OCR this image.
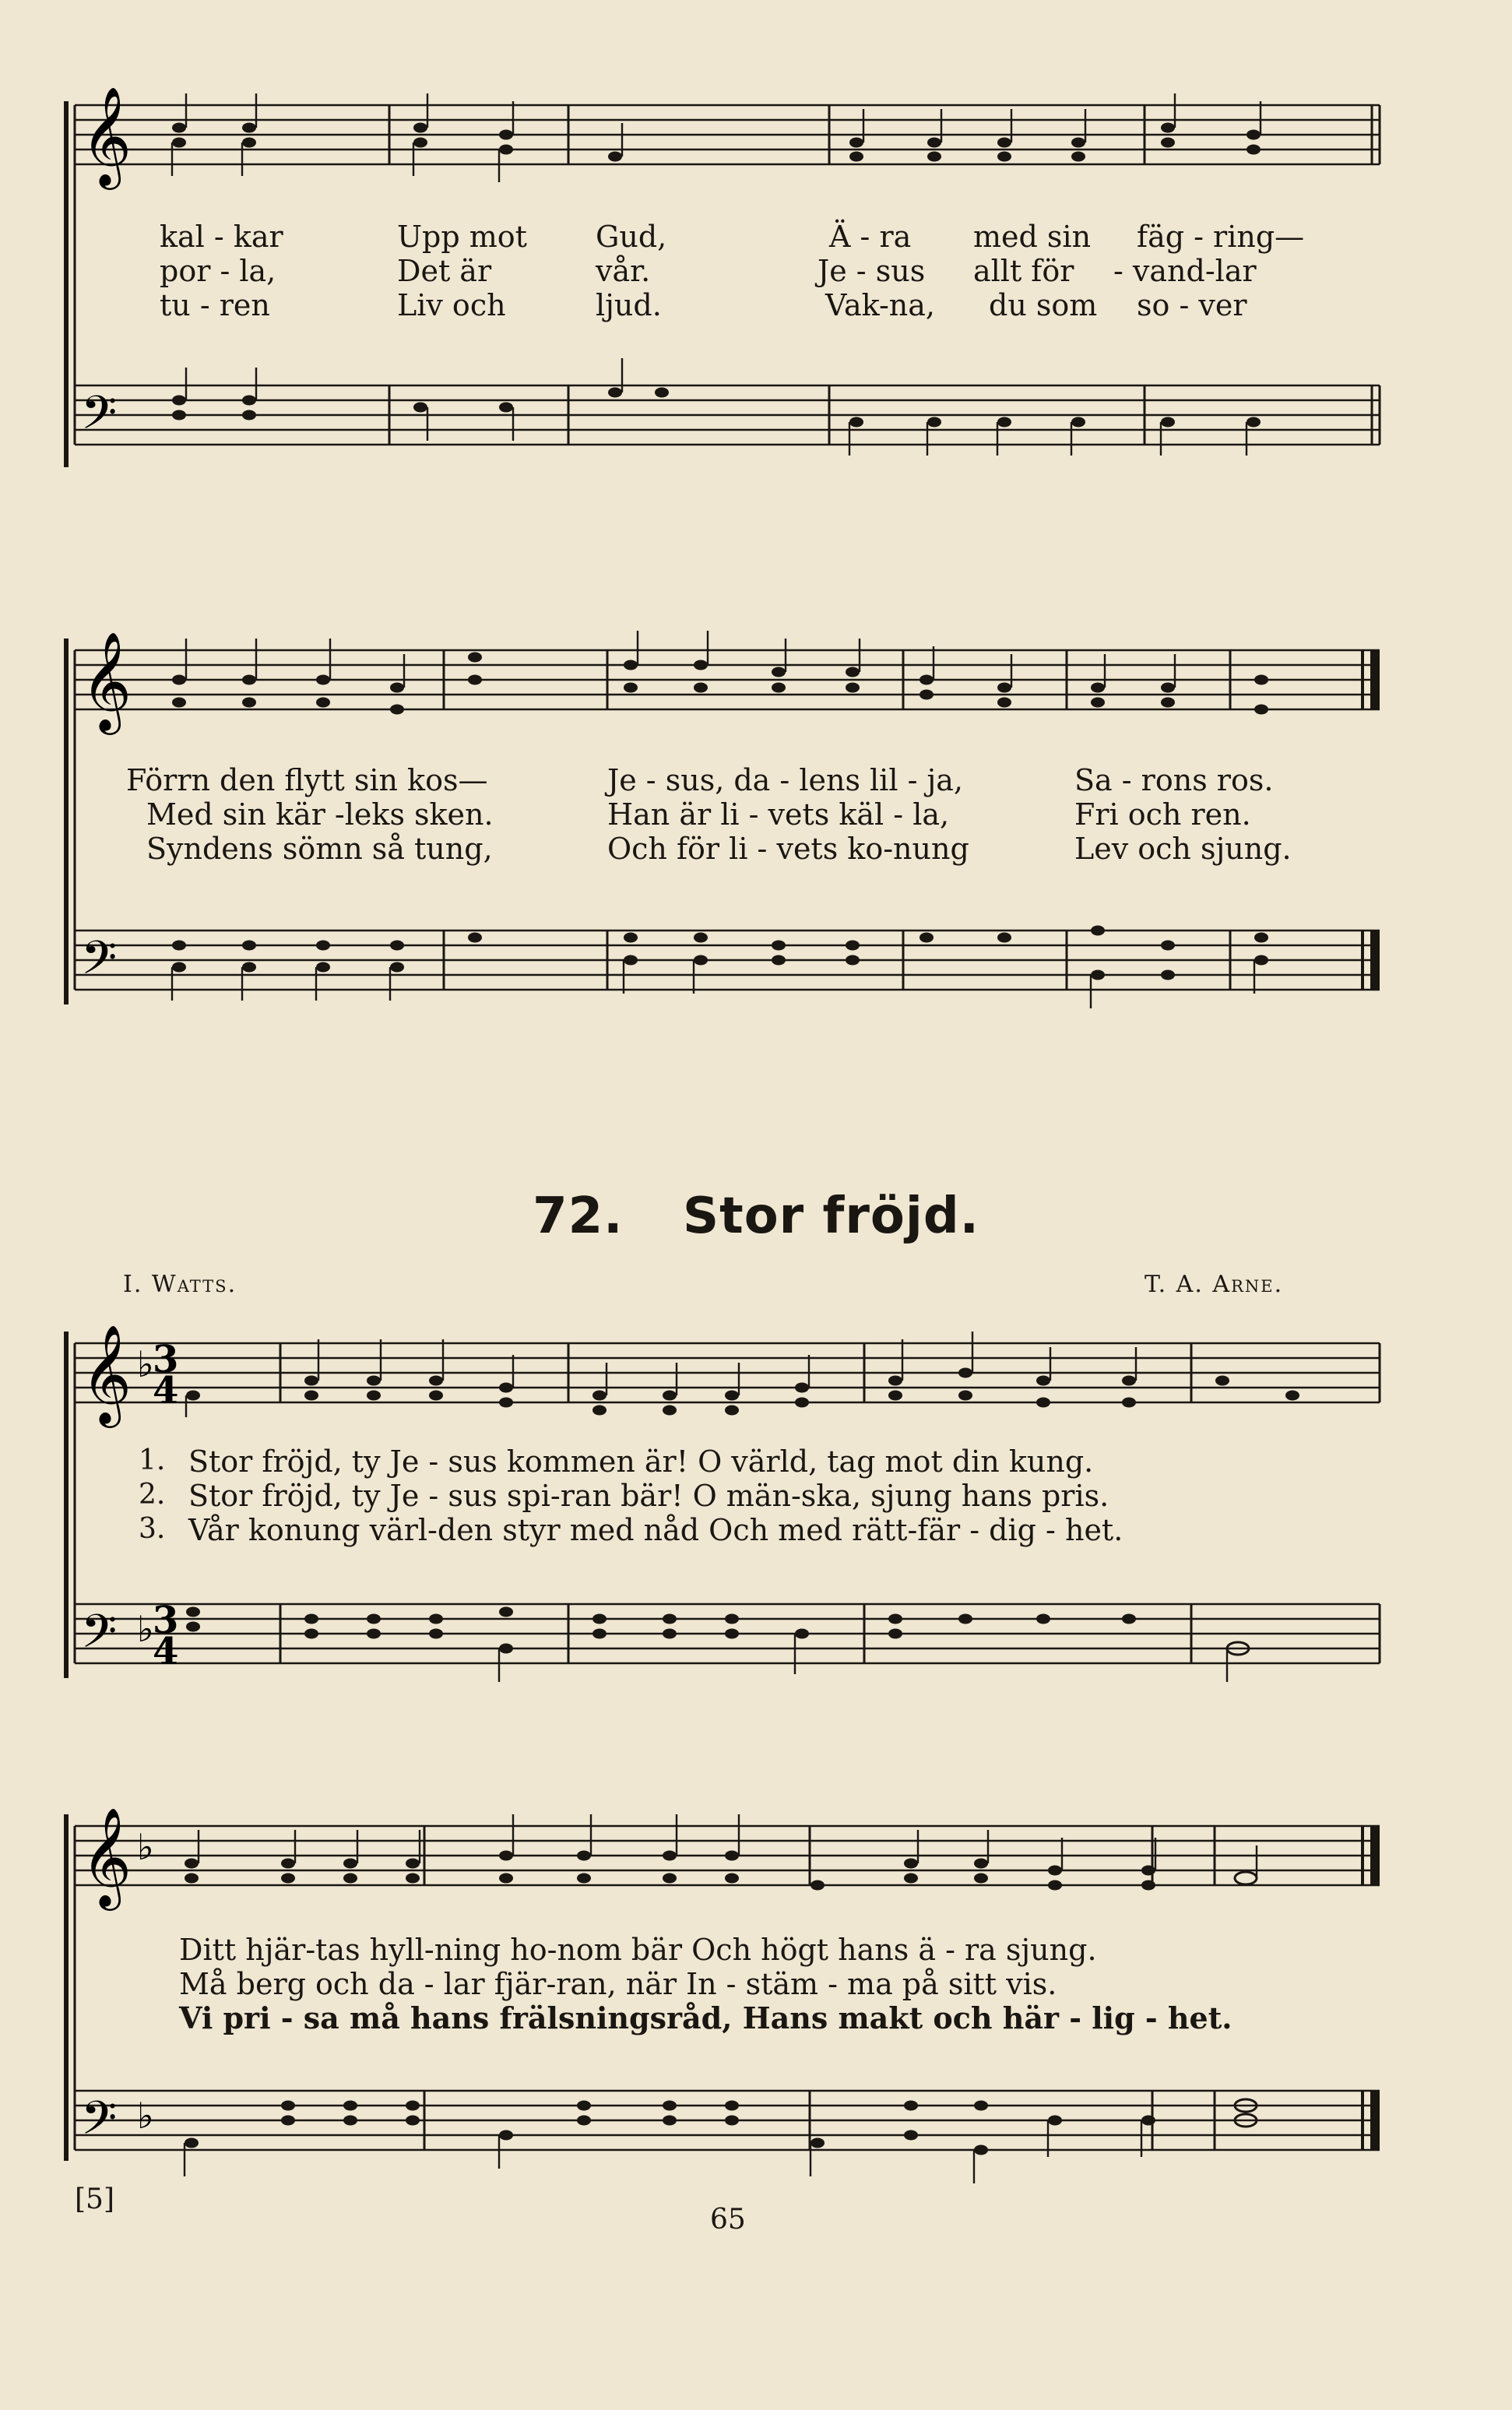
𝄞
𝄢
kal - kar	Upp mot Gud,	Ä - ra med sin fäg - ring—
por - la,	Det är	vår.	Je - sus allt för - vand-lar
tu - ren	Liv och	ljud.	Vak-na, du som so - ver
𝄞
𝄢
Förrn den flytt sin kos—	Je - sus, da - lens lil - ja,	Sa - rons ros.
Med sin kär -leks sken.	Han är li - vets käl - la,	Fri och ren.
Syndens sömn så tung,	Och för li - vets ko-nung	Lev och sjung.
72. Stor fröjd.
I. Watts.	T. A. Arne.
𝄞
𝄢
♭
♭
3
4
3
4
1.
2.
3.
Stor fröjd, ty Je - sus kommen är! O värld, tag mot din kung.
Stor fröjd, ty Je - sus spi-ran bär! O män-ska, sjung hans pris.
Vår konung värl-den styr med nåd Och med rätt-fär - dig - het.
𝄞
𝄢
♭
♭
Ditt hjär-tas hyll-ning ho-nom bär Och högt hans ä - ra sjung.
Må berg och da - lar fjär-ran, när In - stäm - ma på sitt vis.
Vi pri - sa må hans frälsningsråd, Hans makt och här - lig - het.
[5]
65
